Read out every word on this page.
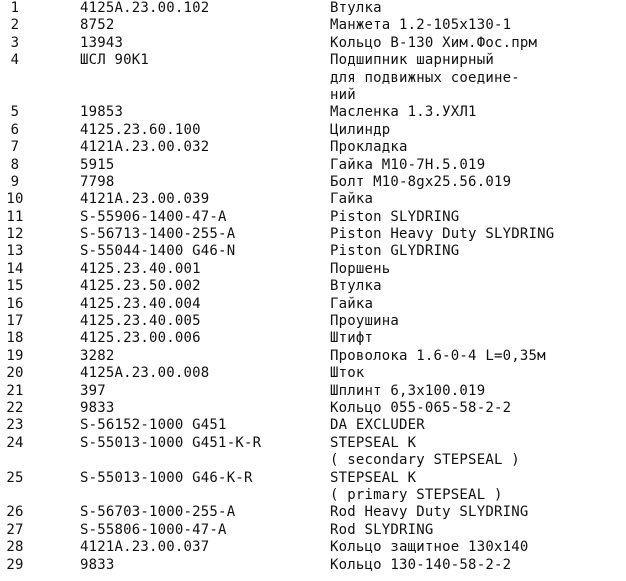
1	4125A.23.00.102	Втулка
2	8752	Манжета 1.2-105x130-1
3	13943	Кольцо В-130 Хим.Фос.прм
4	ШСЛ 90К1	Подшипник шарнирный
для подвижных соедине-
ний
5	19853	Масленка 1.3.УХЛ1
6	4125.23.60.100	Цилиндр
7	4121A.23.00.032	Прокладка
8	5915	Гайка M10-7H.5.019
9	7798	Болт M10-8gx25.56.019
10	4121A.23.00.039	Гайка
11	S-55906-1400-47-A	Piston SLYDRING
12	S-56713-1400-255-A	Piston Heavy Duty SLYDRING
13	S-55044-1400 G46-N	Piston GLYDRING
14	4125.23.40.001	Поршень
15	4125.23.50.002	Втулка
16	4125.23.40.004	Гайка
17	4125.23.40.005	Проушина
18	4125.23.00.006	Штифт
19	3282	Проволока 1.6-0-4 L=0,35м
20	4125A.23.00.008	Шток
21	397	Шплинт 6,3x100.019
22	9833	Кольцо 055-065-58-2-2
23	S-56152-1000 G451	DA EXCLUDER
24	S-55013-1000 G451-K-R	STEPSEAL K
( secondary STEPSEAL )
25	S-55013-1000 G46-K-R	STEPSEAL K
( primary STEPSEAL )
26	S-56703-1000-255-A	Rod Heavy Duty SLYDRING
27	S-55806-1000-47-A	Rod SLYDRING
28	4121A.23.00.037	Кольцо защитное 130x140
29	9833	Кольцо 130-140-58-2-2
